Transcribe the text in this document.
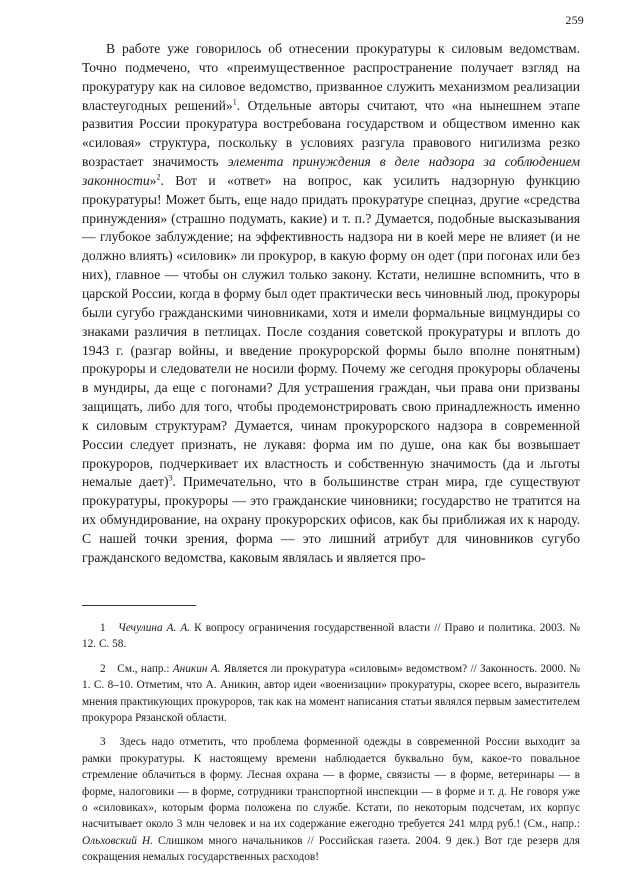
259
В работе уже говорилось об отнесении прокуратуры к силовым ведомствам. Точно подмечено, что «преимущественное распространение получает взгляд на прокуратуру как на силовое ведомство, призванное служить механизмом реализации властеугодных решений»$^1$. Отдельные авторы считают, что «на нынешнем этапе развития России прокуратура востребована государством и обществом именно как «силовая» структура, поскольку в условиях разгула правового нигилизма резко возрастает значимость элемента принуждения в деле надзора за соблюдением законности»$^2$. Вот и «ответ» на вопрос, как усилить надзорную функцию прокуратуры! Может быть, еще надо придать прокуратуре спецназ, другие «средства принуждения» (страшно подумать, какие) и т. п.? Думается, подобные высказывания — глубокое заблуждение; на эффективность надзора ни в коей мере не влияет (и не должно влиять) «силовик» ли прокурор, в какую форму он одет (при погонах или без них), главное — чтобы он служил только закону. Кстати, нелишне вспомнить, что в царской России, когда в форму был одет практически весь чиновный люд, прокуроры были сугубо гражданскими чиновниками, хотя и имели формальные вицмундиры со знаками различия в петлицах. После создания советской прокуратуры и вплоть до 1943 г. (разгар войны, и введение прокурорской формы было вполне понятным) прокуроры и следователи не носили форму. Почему же сегодня прокуроры облачены в мундиры, да еще с погонами? Для устрашения граждан, чьи права они призваны защищать, либо для того, чтобы продемонстрировать свою принадлежность именно к силовым структурам? Думается, чинам прокурорского надзора в современной России следует признать, не лукавя: форма им по душе, она как бы возвышает прокуроров, подчеркивает их властность и собственную значимость (да и льготы немалые дает)$^3$. Примечательно, что в большинстве стран мира, где существуют прокуратуры, прокуроры — это гражданские чиновники; государство не тратится на их обмундирование, на охрану прокурорских офисов, как бы приближая их к народу. С нашей точки зрения, форма — это лишний атрибут для чиновников сугубо гражданского ведомства, каковым являлась и является про-

1 Чечулина А. А. К вопросу ограничения государственной власти // Право и политика. 2003. № 12. С. 58.

2 См., напр.: Аникин А. Является ли прокуратура «силовым» ведомством? // Законность. 2000. № 1. С. 8–10. Отметим, что А. Аникин, автор идеи «военизации» прокуратуры, скорее всего, выразитель мнения практикующих прокуроров, так как на момент написания статьи являлся первым заместителем прокурора Рязанской области.

3 Здесь надо отметить, что проблема форменной одежды в современной России выходит за рамки прокуратуры. К настоящему времени наблюдается буквально бум, какое-то повальное стремление облачиться в форму. Лесная охрана — в форме, связисты — в форме, ветеринары — в форме, налоговики — в форме, сотрудники транспортной инспекции — в форме и т. д. Не говоря уже о «силовиках», которым форма положена по службе. Кстати, по некоторым подсчетам, их корпус насчитывает около 3 млн человек и на их содержание ежегодно требуется 241 млрд руб.! (См., напр.: Ольховский Н. Слишком много начальников // Российская газета. 2004. 9 дек.) Вот где резерв для сокращения немалых государственных расходов!
